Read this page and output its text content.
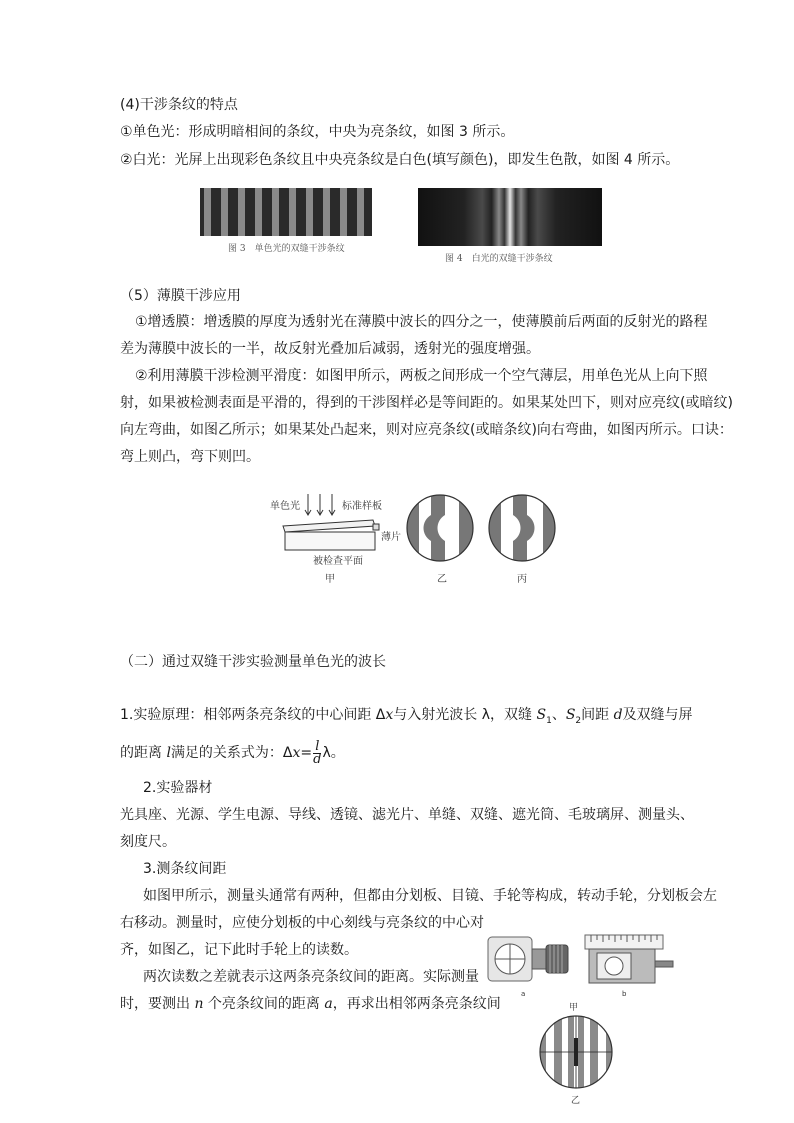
(4)干涉条纹的特点
①单色光：形成明暗相间的条纹，中央为亮条纹，如图 3 所示。
②白光：光屏上出现彩色条纹且中央亮条纹是白色(填写颜色)，即发生色散，如图 4 所示。
图 3　单色光的双缝干涉条纹
图 4　白光的双缝干涉条纹
（5）薄膜干涉应用
①增透膜：增透膜的厚度为透射光在薄膜中波长的四分之一，使薄膜前后两面的反射光的路程
差为薄膜中波长的一半，故反射光叠加后减弱，透射光的强度增强。
②利用薄膜干涉检测平滑度：如图甲所示，两板之间形成一个空气薄层，用单色光从上向下照
射，如果被检测表面是平滑的，得到的干涉图样必是等间距的。如果某处凹下，则对应亮纹(或暗纹)
向左弯曲，如图乙所示；如果某处凸起来，则对应亮条纹(或暗条纹)向右弯曲，如图丙所示。口诀：
弯上则凸，弯下则凹。
单色光	标准样板
薄片
被检查平面
甲	乙	丙
（二）通过双缝干涉实验测量单色光的波长
1.实验原理：相邻两条亮条纹的中心间距 Δx与入射光波长 λ，双缝 $S_1$、$S_2$间距 d及双缝与屏
的距离 l满足的关系式为：$\Delta x= \frac{l}{d}$ λ。
2.实验器材
光具座、光源、学生电源、导线、透镜、滤光片、单缝、双缝、遮光筒、毛玻璃屏、测量头、
刻度尺。
3.测条纹间距
如图甲所示，测量头通常有两种，但都由分划板、目镜、手轮等构成，转动手轮，分划板会左
右移动。测量时，应使分划板的中心刻线与亮条纹的中心对
齐，如图乙，记下此时手轮上的读数。
两次读数之差就表示这两条亮条纹间的距离。实际测量
时，要测出 n 个亮条纹间的距离 a，再求出相邻两条亮条纹间
a	b
甲
乙
